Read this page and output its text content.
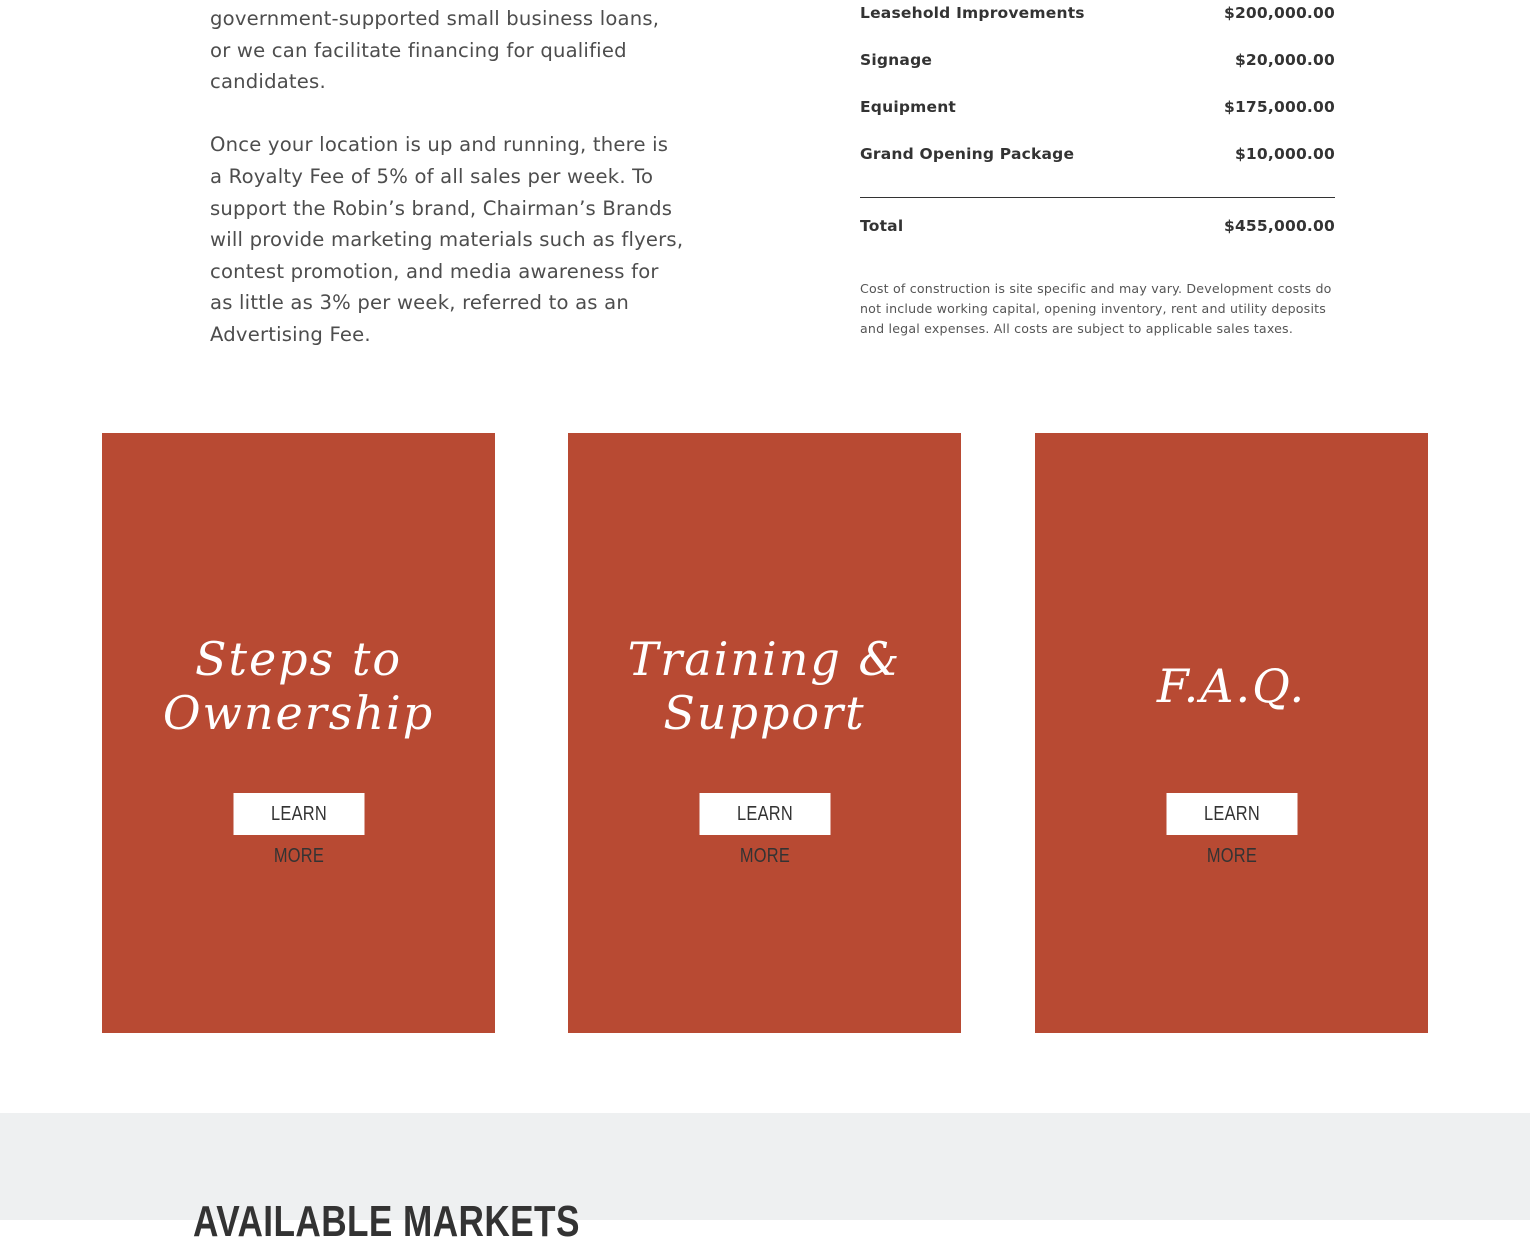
government-supported small business loans, or we can facilitate financing for qualified candidates.

Once your location is up and running, there is a Royalty Fee of 5% of all sales per week. To support the Robin’s brand, Chairman’s Brands will provide marketing materials such as flyers, contest promotion, and media awareness for as little as 3% per week, referred to as an Advertising Fee.

Leasehold Improvements	$200,000.00
Signage	$20,000.00
Equipment	$175,000.00
Grand Opening Package	$10,000.00
Total	$455,000.00
Cost of construction is site specific and may vary. Development costs do not include working capital, opening inventory, rent and utility deposits and legal expenses. All costs are subject to applicable sales taxes.
Steps to
Ownership
LEARN MORE
Training &
Support
LEARN MORE
F.A.Q.
LEARN MORE
AVAILABLE MARKETS
